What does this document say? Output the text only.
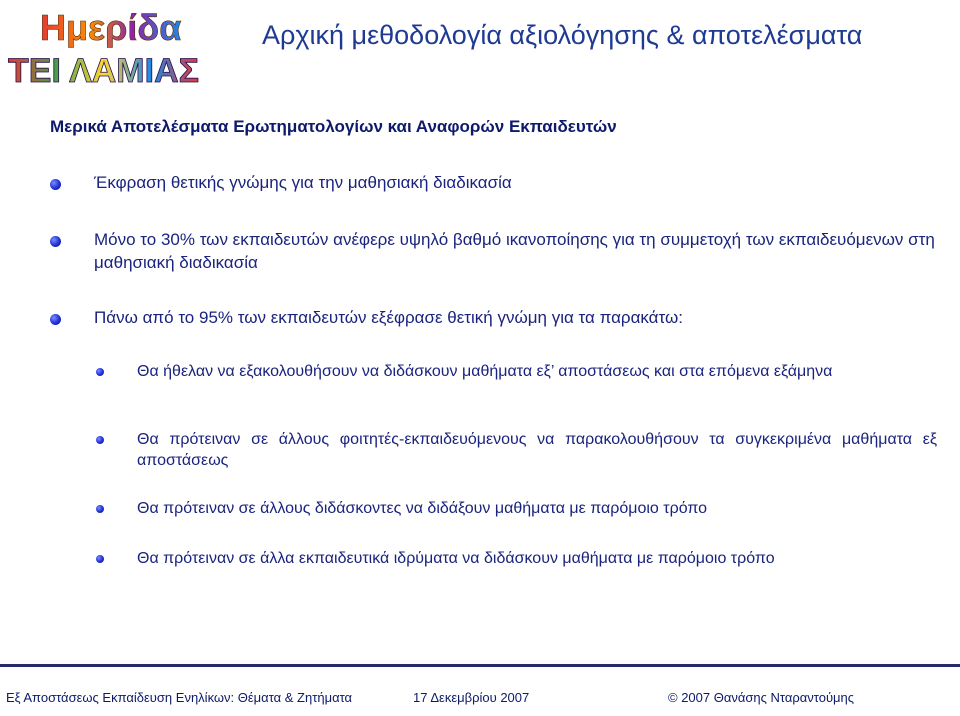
Ημερίδα
ΤΕΙ ΛΑΜΙΑΣ
Αρχική μεθοδολογία αξιολόγησης & αποτελέσματα
Μερικά Αποτελέσματα Ερωτηματολογίων και Αναφορών Εκπαιδευτών
Έκφραση θετικής γνώμης για την μαθησιακή διαδικασία
Μόνο το 30% των εκπαιδευτών ανέφερε υψηλό βαθμό ικανοποίησης για τη συμμετοχή των εκπαιδευόμενων στη μαθησιακή διαδικασία
Πάνω από το 95% των εκπαιδευτών εξέφρασε θετική γνώμη για τα παρακάτω:
Θα ήθελαν να εξακολουθήσουν να διδάσκουν μαθήματα εξ’ αποστάσεως και στα επόμενα εξάμηνα
Θα πρότειναν σε άλλους φοιτητές-εκπαιδευόμενους να παρακολουθήσουν τα συγκεκριμένα μαθήματα εξ αποστάσεως
Θα πρότειναν σε άλλους διδάσκοντες να διδάξουν μαθήματα με παρόμοιο τρόπο
Θα πρότειναν σε άλλα εκπαιδευτικά ιδρύματα να διδάσκουν μαθήματα με παρόμοιο τρόπο
Εξ Αποστάσεως Εκπαίδευση Ενηλίκων: Θέματα & Ζητήματα	17 Δεκεμβρίου 2007	© 2007 Θανάσης Νταραντούμης
